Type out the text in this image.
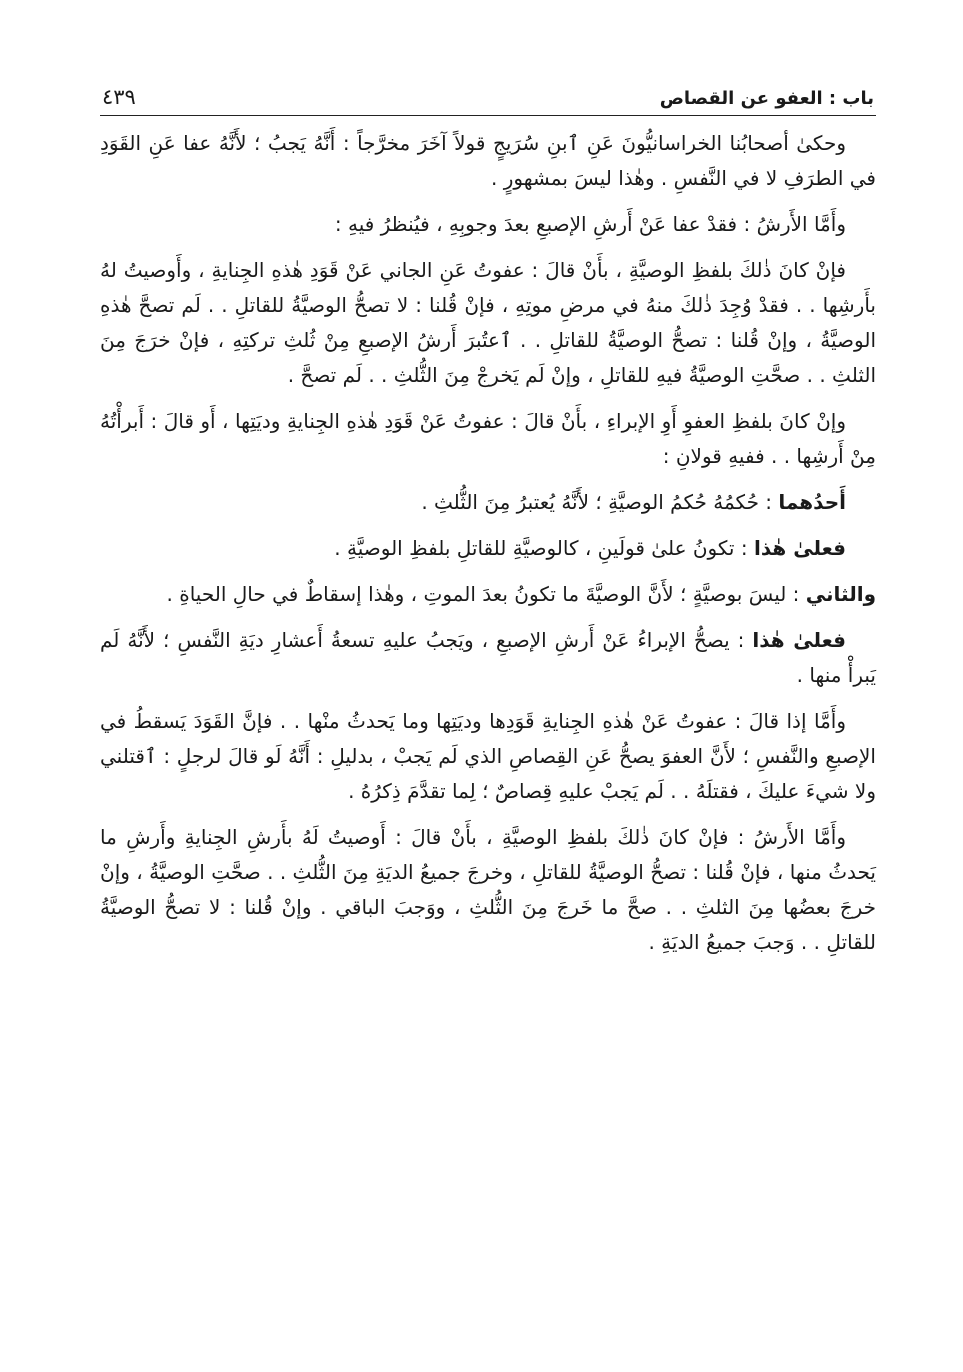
باب : العفو عن القصاص
٤٣٩

وحكىٰ أصحابُنا الخراسانيُّونَ عَنِ ٱبنِ سُرَيجٍ قولاً آخَرَ مخرَّجاً : أَنَّهُ يَجبُ ؛ لأَنَّهُ عفا عَنِ القَوَدِ في الطرَفِ لا في النَّفسِ . وهٰذا ليسَ بمشهورٍ .

وأَمَّا الأَرشُ : فقدْ عفا عَنْ أَرشِ الإصبعِ بعدَ وجوبِهِ ، فيُنظرُ فيهِ :

فإنْ كانَ ذٰلكَ بلفظِ الوصيَّةِ ، بأَنْ قالَ : عفوتُ عَنِ الجاني عَنْ قَوَدِ هٰذهِ الجِنايةِ ، وأَوصيتُ لهُ بأَرشِها . . فقدْ وُجِدَ ذٰلكَ منهُ في مرضِ موتِهِ ، فإنْ قُلنا : لا تصحُّ الوصيَّةُ للقاتلِ . . لَم تصحَّ هٰذهِ الوصيَّةُ ، وإنْ قُلنا : تصحُّ الوصيَّةُ للقاتلِ . . ٱعتُبرَ أَرشُ الإصبعِ مِنْ ثُلثِ تركتِهِ ، فإنْ خرَجَ مِنَ الثلثِ . . صحَّتِ الوصيَّةُ فيهِ للقاتلِ ، وإنْ لَم يَخرجْ مِنَ الثُّلثِ . . لَم تصحَّ .

وإنْ كانَ بلفظِ العفوِ أَوِ الإبراءِ ، بأَنْ قالَ : عفوتُ عَنْ قَوَدِ هٰذهِ الجِنايةِ وديَتِها ، أَو قالَ : أَبرأْتُهُ مِنْ أَرشِها . . ففيهِ قولانِ :

أَحدُهما : حُكمُهُ حُكمُ الوصيَّةِ ؛ لأَنَّهُ يُعتبرُ مِنَ الثُّلثِ .

فعلىٰ هٰذا : تكونُ علىٰ قولَينِ ، كالوصيَّةِ للقاتلِ بلفظِ الوصيَّةِ .

والثاني : ليسَ بوصيَّةٍ ؛ لأَنَّ الوصيَّةَ ما تكونُ بعدَ الموتِ ، وهٰذا إسقاطٌ في حالِ الحياةِ .

فعلىٰ هٰذا : يصحُّ الإبراءُ عَنْ أَرشِ الإصبعِ ، ويَجبُ عليهِ تسعةُ أَعشارِ ديَةِ النَّفسِ ؛ لأَنَّهُ لَم يَبرأْ منها .

وأَمَّا إذا قالَ : عفوتُ عَنْ هٰذهِ الجِنايةِ قَوَدِها وديَتِها وما يَحدثُ منْها . . فإنَّ القَوَدَ يَسقطُ في الإصبعِ والنَّفسِ ؛ لأَنَّ العفوَ يصحُّ عَنِ القِصاصِ الذي لَم يَجبْ ، بدليلِ : أَنَّهُ لَو قالَ لرجلٍ : ٱقتلني ولا شيءَ عليكَ ، فقتلَهُ . . لَم يَجبْ عليهِ قِصاصٌ ؛ لِما تقدَّمَ ذِكرُهُ .

وأَمَّا الأَرشُ : فإنْ كانَ ذٰلكَ بلفظِ الوصيَّةِ ، بأَنْ قالَ : أَوصيتُ لَهُ بأَرشِ الجِنايةِ وأَرشِ ما يَحدثُ منها ، فإنْ قُلنا : تصحُّ الوصيَّةُ للقاتلِ ، وخرجَ جميعُ الديَةِ مِنَ الثُّلثِ . . صحَّتِ الوصيَّةُ ، وإنْ خرجَ بعضُها مِنَ الثلثِ . . صحَّ ما خَرجَ مِنَ الثُّلثِ ، ووَجبَ الباقي . وإنْ قُلنا : لا تصحُّ الوصيَّةُ للقاتلِ . . وَجبَ جميعُ الديَةِ .
